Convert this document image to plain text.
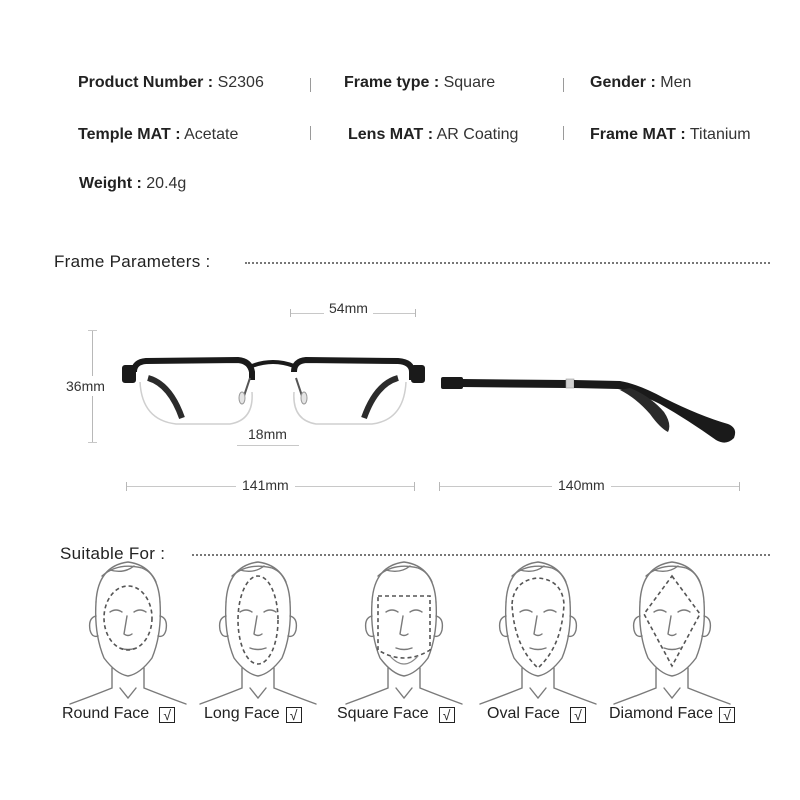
Product Number : S2306	Frame type : Square	Gender : Men
Temple MAT : Acetate	Lens MAT : AR Coating	Frame MAT : Titanium
Weight : 20.4g
Frame Parameters :
54mm
36mm
18mm
141mm	140mm
Suitable For :
Round Face √ Long Face √ Square Face √ Oval Face √ Diamond Face √
